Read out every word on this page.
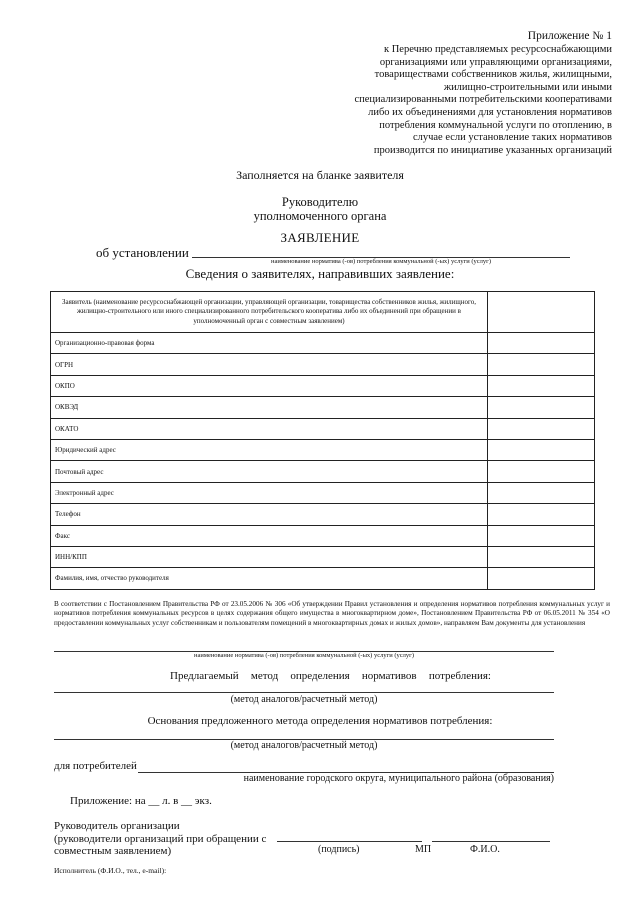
Приложение № 1
к Перечню представляемых ресурсоснабжающими
организациями или управляющими организациями,
товариществами собственников жилья, жилищными,
жилищно-строительными или иными
специализированными потребительскими кооперативами
либо их объединениями для установления нормативов
потребления коммунальной услуги по отоплению, в
случае если установление таких нормативов
производится по инициативе указанных организаций
Заполняется на бланке заявителя
Руководителю
уполномоченного органа
ЗАЯВЛЕНИЕ
об установлении
наименование норматива (-ов) потребления коммунальной (-ых) услуги (услуг)
Сведения о заявителях, направивших заявление:
Заявитель (наименование ресурсоснабжающей организации, управляющей организации, товарищества собственников жилья, жилищного, жилищно-строительного или иного специализированного потребительского кооператива либо их объединений при обращении в уполномоченный орган с совместным заявлением)	
Организационно-правовая форма	
ОГРН	
ОКПО	
ОКВЭД	
ОКАТО	
Юридический адрес	
Почтовый адрес	
Электронный адрес	
Телефон	
Факс	
ИНН/КПП	
Фамилия, имя, отчество руководителя	
В соответствии с Постановлением Правительства РФ от 23.05.2006 № 306 «Об утверждении Правил установления и определения нормативов потребления коммунальных услуг и нормативов потребления коммунальных ресурсов в целях содержания общего имущества в многоквартирном доме», Постановлением Правительства РФ от 06.05.2011 № 354 «О предоставлении коммунальных услуг собственникам и пользователям помещений в многоквартирных домах и жилых домов», направляем Вам документы для установления
наименование норматива (-ов) потребления коммунальной (-ых) услуги (услуг)
Предлагаемый метод определения нормативов потребления:
(метод аналогов/расчетный метод)
Основания предложенного метода определения нормативов потребления:
(метод аналогов/расчетный метод)
для потребителей
наименование городского округа, муниципального района (образования)
Приложение: на __ л. в __ экз.
Руководитель организации
(руководители организаций при обращении с
совместным заявлением)	(подпись)	МП	Ф.И.О.
Исполнитель (Ф.И.О., тел., e-mail):
